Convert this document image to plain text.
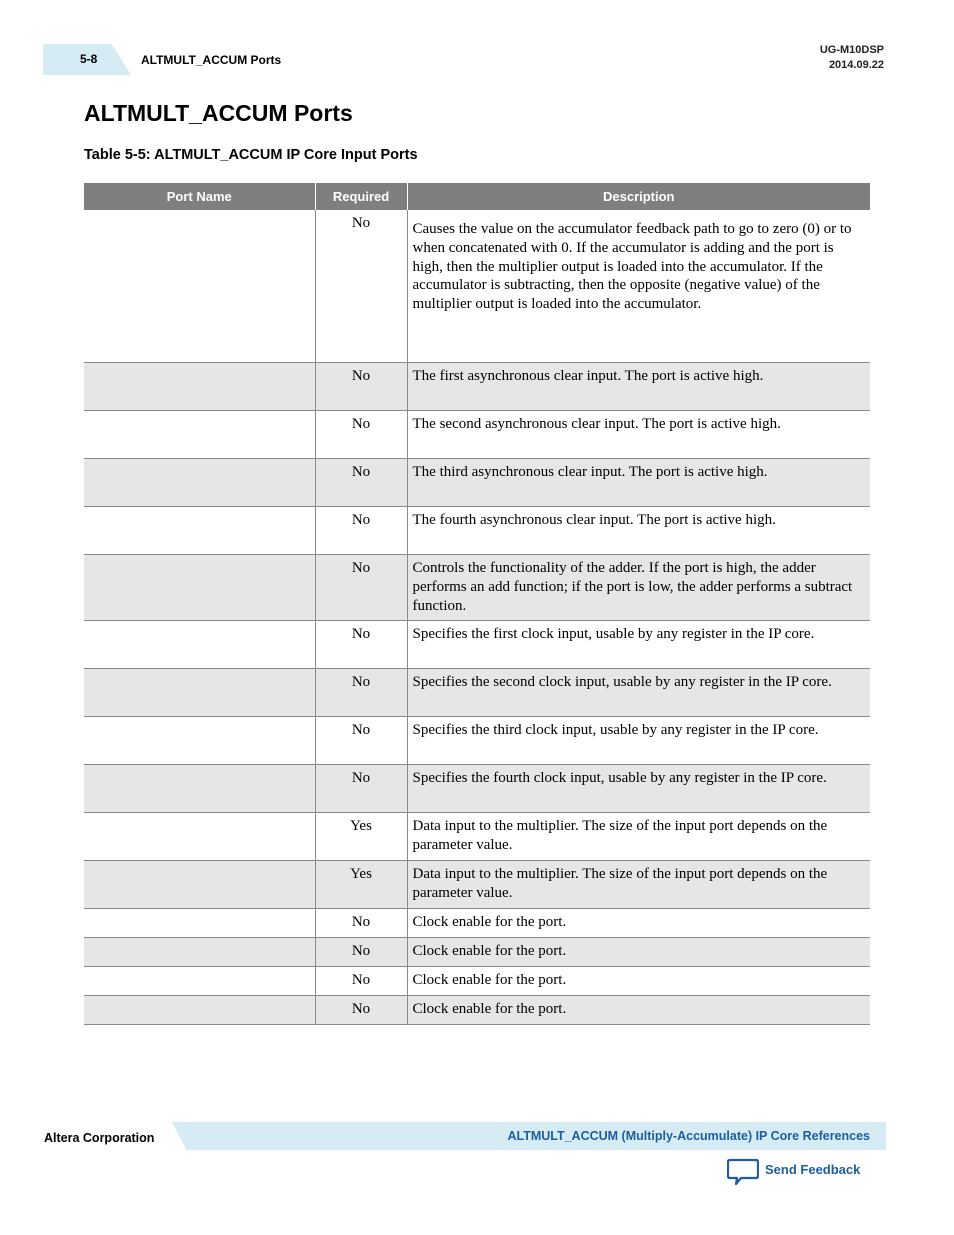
5-8	ALTMULT_ACCUM Ports
UG-M10DSP
2014.09.22
ALTMULT_ACCUM Ports
Table 5-5: ALTMULT_ACCUM IP Core Input Ports
Port Name	Required	Description
	No	Causes the value on the accumulator feedback path to go to zero (0) or to when concatenated with 0. If the accumulator is adding and the port is high, then the multiplier output is loaded into the accumulator. If the accumulator is subtracting, then the opposite (negative value) of the multiplier output is loaded into the accumulator.
	No	The first asynchronous clear input. The port is active high.
	No	The second asynchronous clear input. The port is active high.
	No	The third asynchronous clear input. The port is active high.
	No	The fourth asynchronous clear input. The port is active high.
	No	Controls the functionality of the adder. If the port is high, the adder performs an add function; if the port is low, the adder performs a subtract function.
	No	Specifies the first clock input, usable by any register in the IP core.
	No	Specifies the second clock input, usable by any register in the IP core.
	No	Specifies the third clock input, usable by any register in the IP core.
	No	Specifies the fourth clock input, usable by any register in the IP core.
	Yes	Data input to the multiplier. The size of the input port depends on the parameter value.
	Yes	Data input to the multiplier. The size of the input port depends on the parameter value.
	No	Clock enable for the port.
	No	Clock enable for the port.
	No	Clock enable for the port.
	No	Clock enable for the port.
Altera Corporation	ALTMULT_ACCUM (Multiply-Accumulate) IP Core References
Send Feedback
